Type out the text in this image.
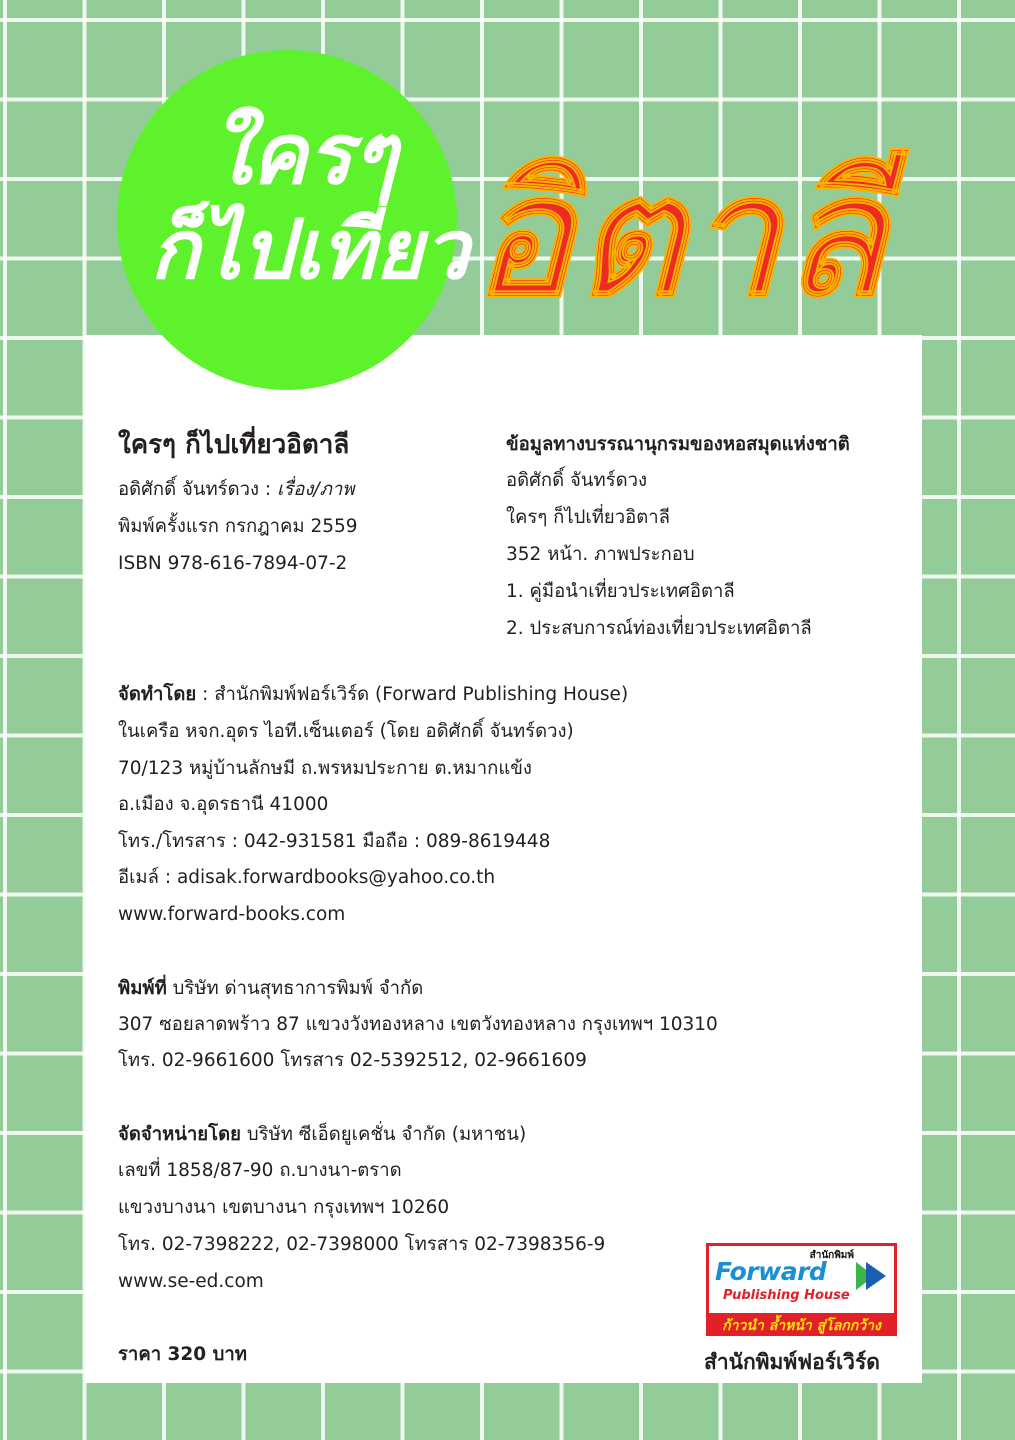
ใครๆ
ก็ไปเที่ยว อิตาลี
ใครๆ ก็ไปเที่ยวอิตาลี
อดิศักดิ์ จันทร์ดวง : เรื่อง/ภาพ
พิมพ์ครั้งแรก กรกฎาคม 2559
ISBN 978-616-7894-07-2
ข้อมูลทางบรรณานุกรมของหอสมุดแห่งชาติ
อดิศักดิ์ จันทร์ดวง
ใครๆ ก็ไปเที่ยวอิตาลี
352 หน้า. ภาพประกอบ
1. คู่มือนำเที่ยวประเทศอิตาลี
2. ประสบการณ์ท่องเที่ยวประเทศอิตาลี
จัดทำโดย : สำนักพิมพ์ฟอร์เวิร์ด (Forward Publishing House)
ในเครือ หจก.อุดร ไอที.เซ็นเตอร์ (โดย อดิศักดิ์ จันทร์ดวง)
70/123 หมู่บ้านลักษมี ถ.พรหมประกาย ต.หมากแข้ง
อ.เมือง จ.อุดรธานี 41000
โทร./โทรสาร : 042-931581 มือถือ : 089-8619448
อีเมล์ : adisak.forwardbooks@yahoo.co.th
www.forward-books.com
พิมพ์ที่ บริษัท ด่านสุทธาการพิมพ์ จำกัด
307 ซอยลาดพร้าว 87 แขวงวังทองหลาง เขตวังทองหลาง กรุงเทพฯ 10310
โทร. 02-9661600 โทรสาร 02-5392512, 02-9661609
จัดจำหน่ายโดย บริษัท ซีเอ็ดยูเคชั่น จำกัด (มหาชน)
เลขที่ 1858/87-90 ถ.บางนา-ตราด
แขวงบางนา เขตบางนา กรุงเทพฯ 10260
โทร. 02-7398222, 02-7398000 โทรสาร 02-7398356-9
www.se-ed.com
ราคา 320 บาท
สำนักพิมพ์
Forward
Publishing House
ก้าวนำ ล้ำหน้า สู่โลกกว้าง
สำนักพิมพ์ฟอร์เวิร์ด
